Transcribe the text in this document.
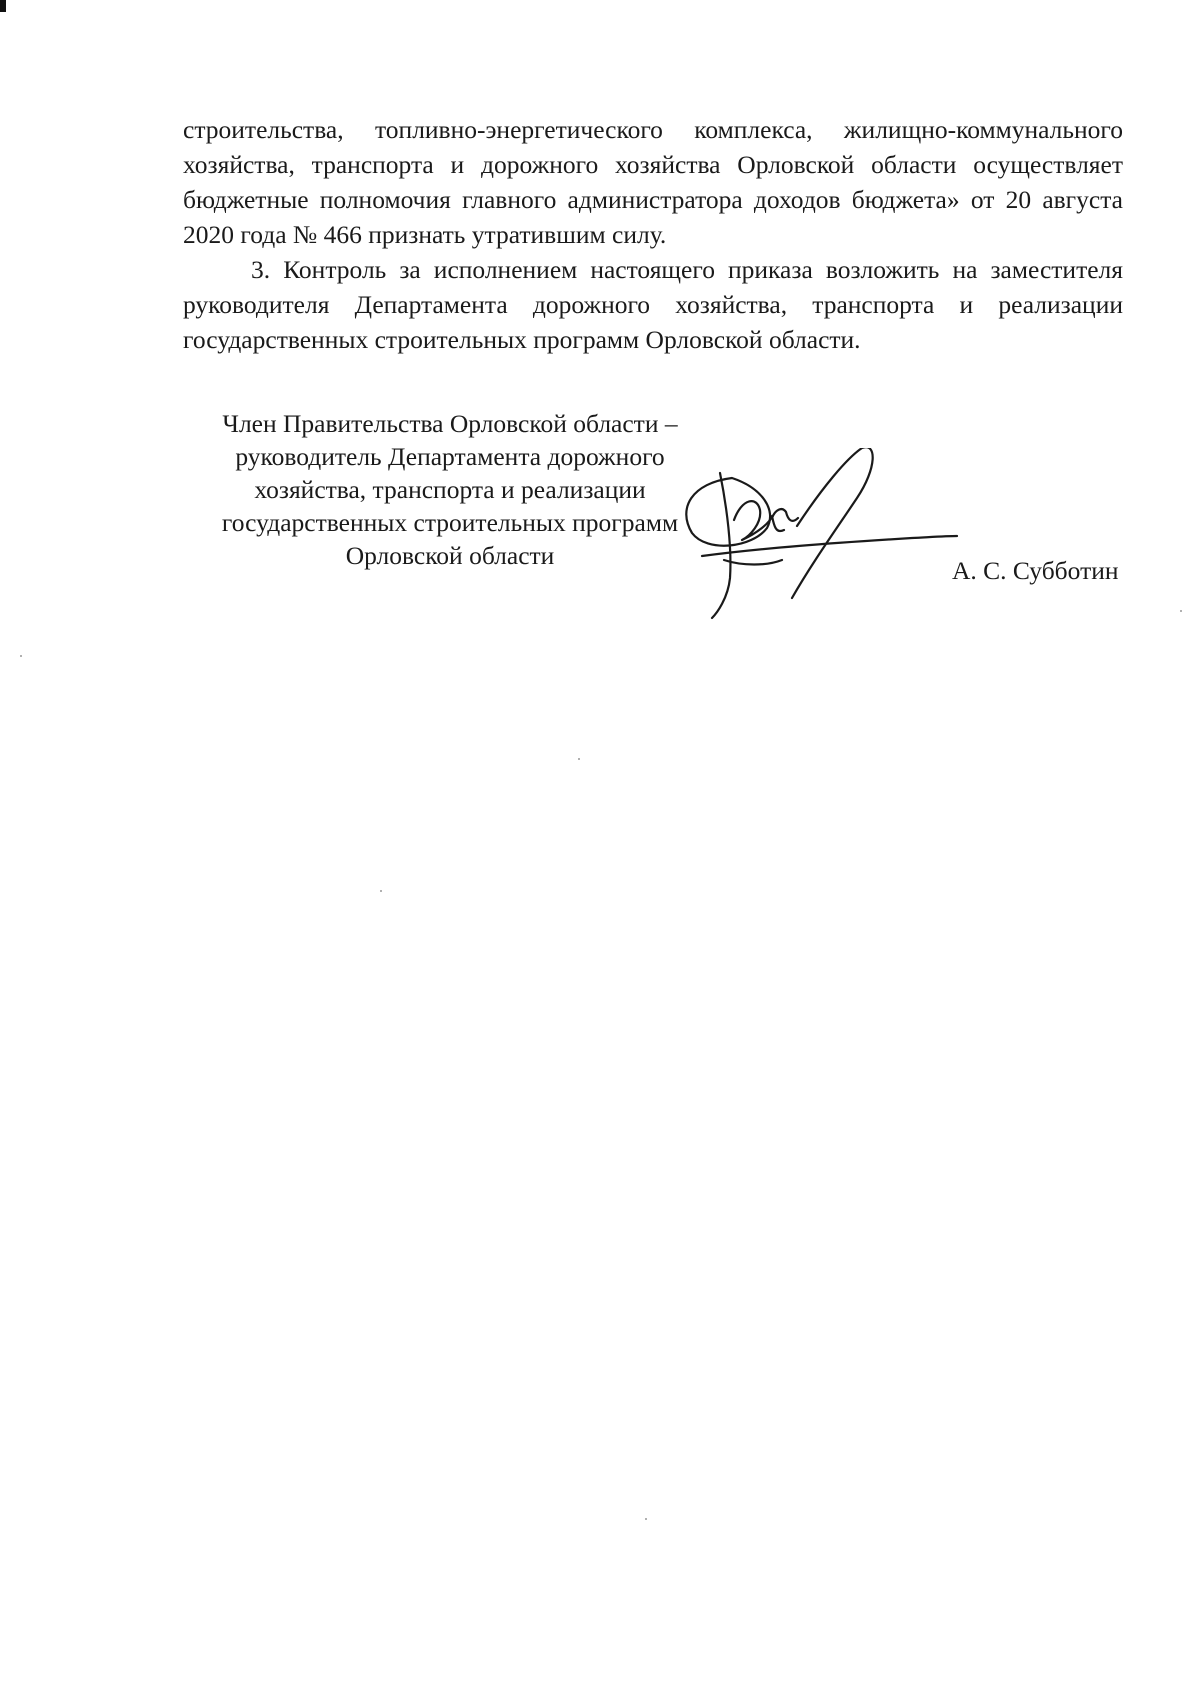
строительства, топливно-энергетического комплекса, жилищно-коммунального хозяйства, транспорта и дорожного хозяйства Орловской области осуществляет бюджетные полномочия главного администратора доходов бюджета» от 20 августа 2020 года № 466 признать утратившим силу.

3. Контроль за исполнением настоящего приказа возложить на заместителя руководителя Департамента дорожного хозяйства, транспорта и реализации государственных строительных программ Орловской области.

Член Правительства Орловской области –
руководитель Департамента дорожного
хозяйства, транспорта и реализации
государственных строительных программ
Орловской области
А. С. Субботин
